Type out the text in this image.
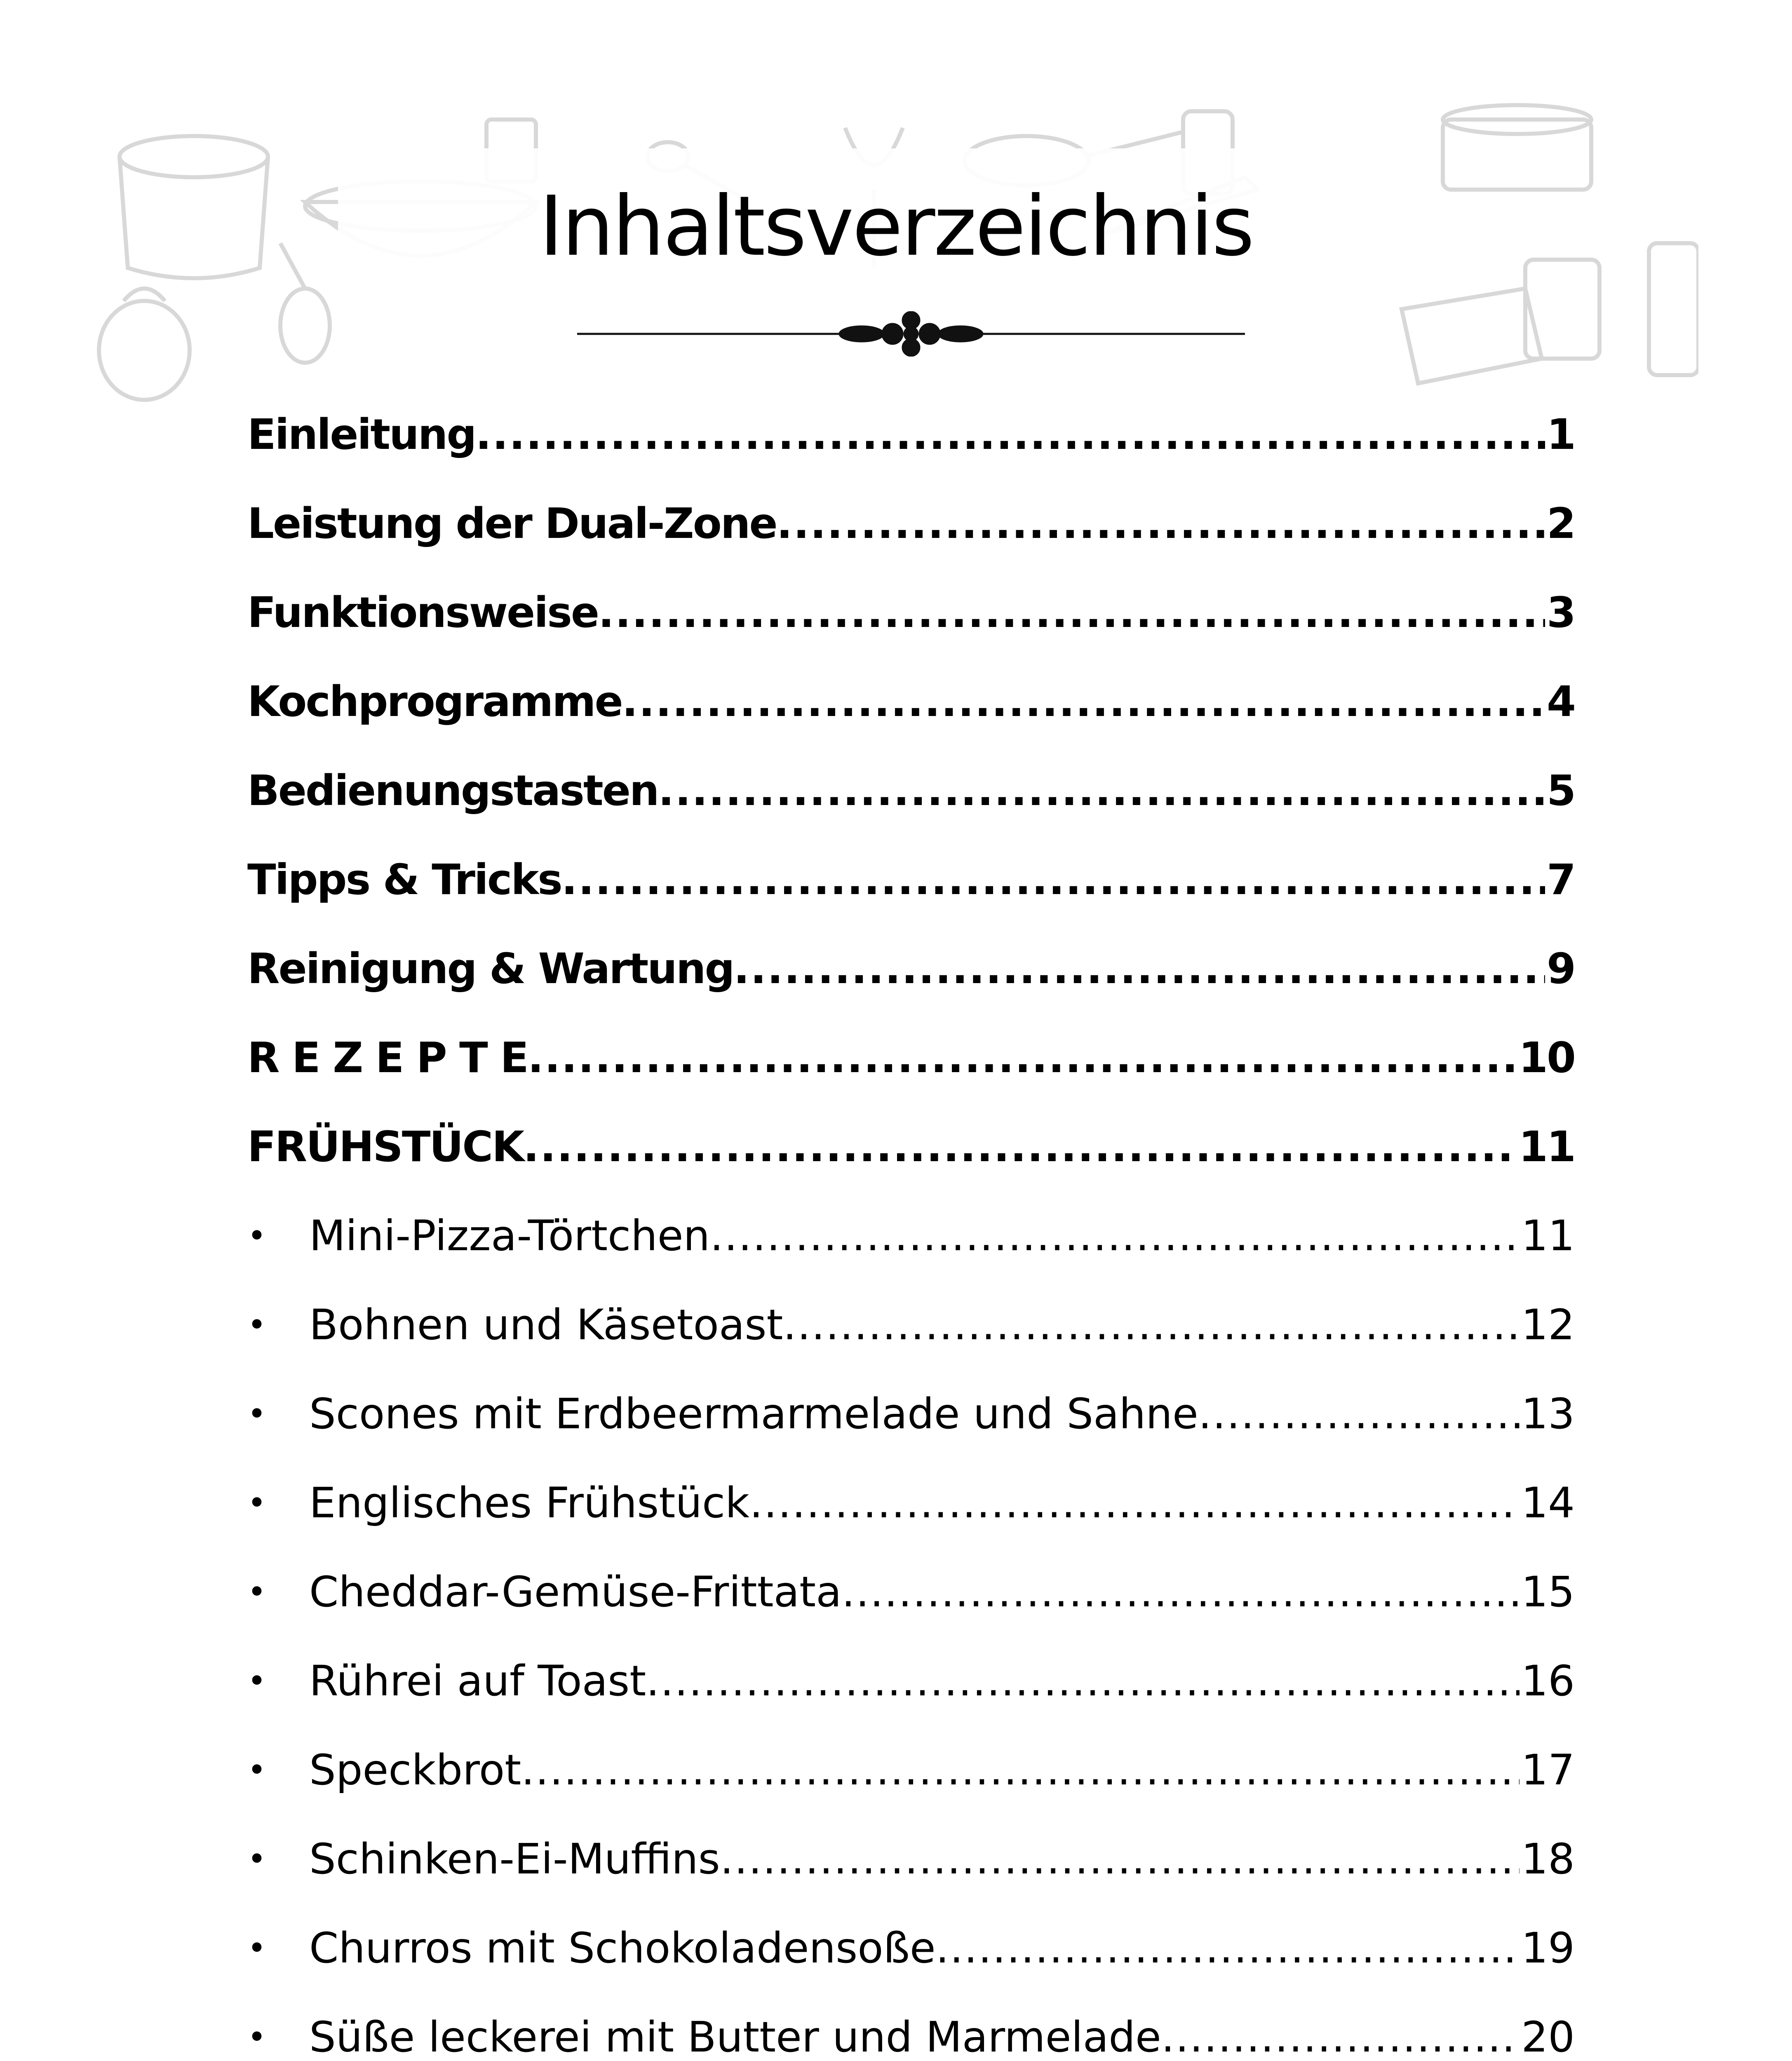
Inhaltsverzeichnis
Einleitung .....	1
Leistung der Dual-Zone .....	2
Funktionsweise .....	3
Kochprogramme .....	4
Bedienungstasten .....	5
Tipps & Tricks .....	7
Reinigung & Wartung .....	9
R E Z E P T E .....	10
FRÜHSTÜCK .....	11
•	Mini-Pizza-Törtchen .....	11
•	Bohnen und Käsetoast .....	12
•	Scones mit Erdbeermarmelade und Sahne .....	13
•	Englisches Frühstück .....	14
•	Cheddar-Gemüse-Frittata .....	15
•	Rührei auf Toast .....	16
•	Speckbrot .....	17
•	Schinken-Ei-Muffins .....	18
•	Churros mit Schokoladensoße .....	19
•	Süße leckerei mit Butter und Marmelade .....	20
